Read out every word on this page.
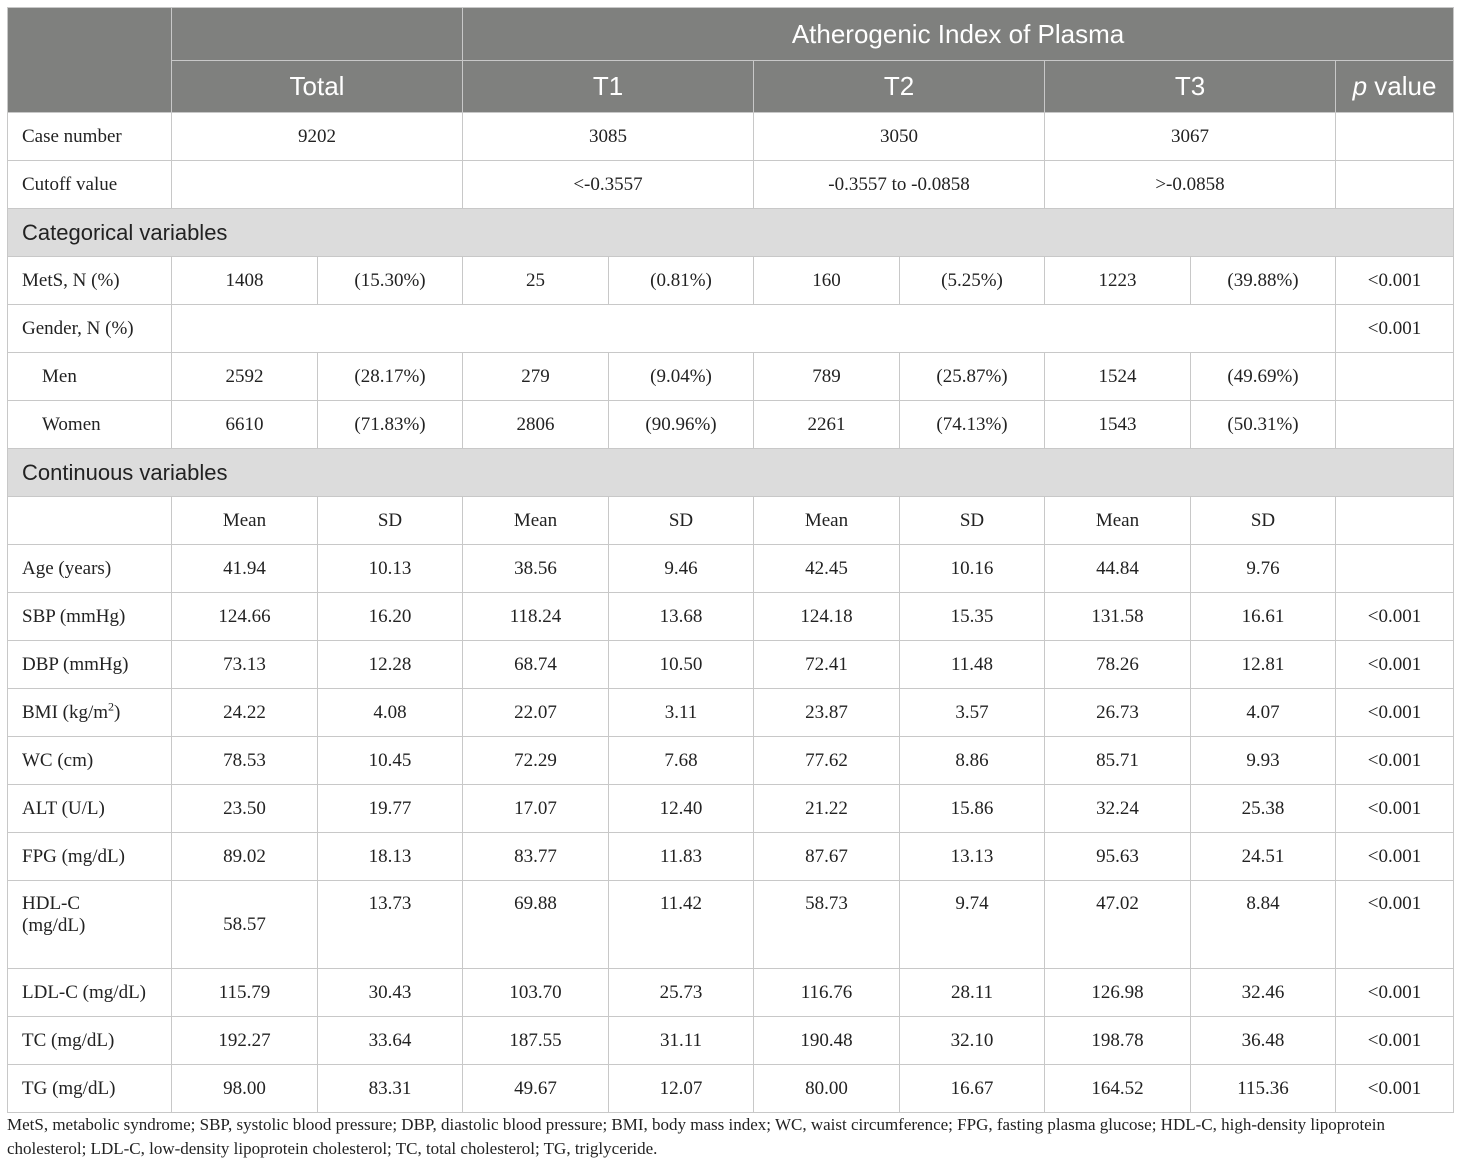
			Atherogenic Index of Plasma						
	Total		T1		T2		T3		p value
Case number	9202		3085		3050		3067		
Cutoff value			<-0.3557		-0.3557 to -0.0858		>-0.0858		
Categorical variables									
MetS, N (%)	1408	(15.30%)	25	(0.81%)	160	(5.25%)	1223	(39.88%)	<0.001
Gender, N (%)									<0.001
Men	2592	(28.17%)	279	(9.04%)	789	(25.87%)	1524	(49.69%)	
Women	6610	(71.83%)	2806	(90.96%)	2261	(74.13%)	1543	(50.31%)	
Continuous variables									
	Mean	SD	Mean	SD	Mean	SD	Mean	SD	
Age (years)	41.94	10.13	38.56	9.46	42.45	10.16	44.84	9.76	
SBP (mmHg)	124.66	16.20	118.24	13.68	124.18	15.35	131.58	16.61	<0.001
DBP (mmHg)	73.13	12.28	68.74	10.50	72.41	11.48	78.26	12.81	<0.001
BMI $(kg/m^2)$	24.22	4.08	22.07	3.11	23.87	3.57	26.73	4.07	<0.001
WC (cm)	78.53	10.45	72.29	7.68	77.62	8.86	85.71	9.93	<0.001
ALT (U/L)	23.50	19.77	17.07	12.40	21.22	15.86	32.24	25.38	<0.001
FPG (mg/dL)	89.02	18.13	83.77	11.83	87.67	13.13	95.63	24.51	<0.001

HDL-C
(mg/dL)	58.57	13.73	69.88	11.42	58.73	9.74	47.02	8.84	<0.001
LDL-C (mg/dL)	115.79	30.43	103.70	25.73	116.76	28.11	126.98	32.46	<0.001
TC (mg/dL)	192.27	33.64	187.55	31.11	190.48	32.10	198.78	36.48	<0.001
TG (mg/dL)	98.00	83.31	49.67	12.07	80.00	16.67	164.52	115.36	<0.001
MetS, metabolic syndrome; SBP, systolic blood pressure; DBP, diastolic blood pressure; BMI, body mass index; WC, waist circumference; FPG, fasting plasma glucose; HDL-C, high-density lipoprotein cholesterol; LDL-C, low-density lipoprotein cholesterol; TC, total cholesterol; TG, triglyceride.
